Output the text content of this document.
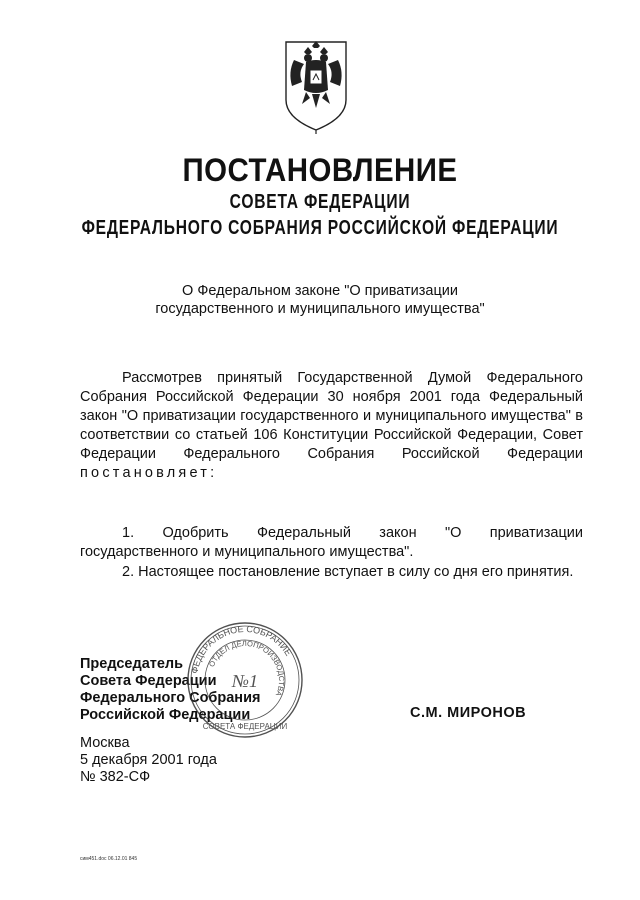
ПОСТАНОВЛЕНИЕ
СОВЕТА ФЕДЕРАЦИИ
ФЕДЕРАЛЬНОГО СОБРАНИЯ РОССИЙСКОЙ ФЕДЕРАЦИИ
О Федеральном законе "О приватизации
государственного и муниципального имущества"
Рассмотрев принятый Государственной Думой Федерального Собрания Российской Федерации 30 ноября 2001 года Федеральный закон "О приватизации государственного и муниципального имущества" в соответствии со статьей 106 Конституции Российской Федерации, Совет Федерации Федерального Собрания Российской Федерации постановляет:
1. Одобрить Федеральный закон "О приватизации государственного и муниципального имущества".
2. Настоящее постановление вступает в силу со дня его принятия.
Председатель
Совета Федерации
Федерального Собрания
Российской Федерации	С.М. МИРОНОВ
ФЕДЕРАЛЬНОЕ СОБРАНИЕ
ОТДЕЛ ДЕЛОПРОИЗВОДСТВА
СОВЕТА ФЕДЕРАЦИИ
№1
Москва
5 декабря 2001 года
№ 382-СФ
сим451.doc 06.12.01 845
